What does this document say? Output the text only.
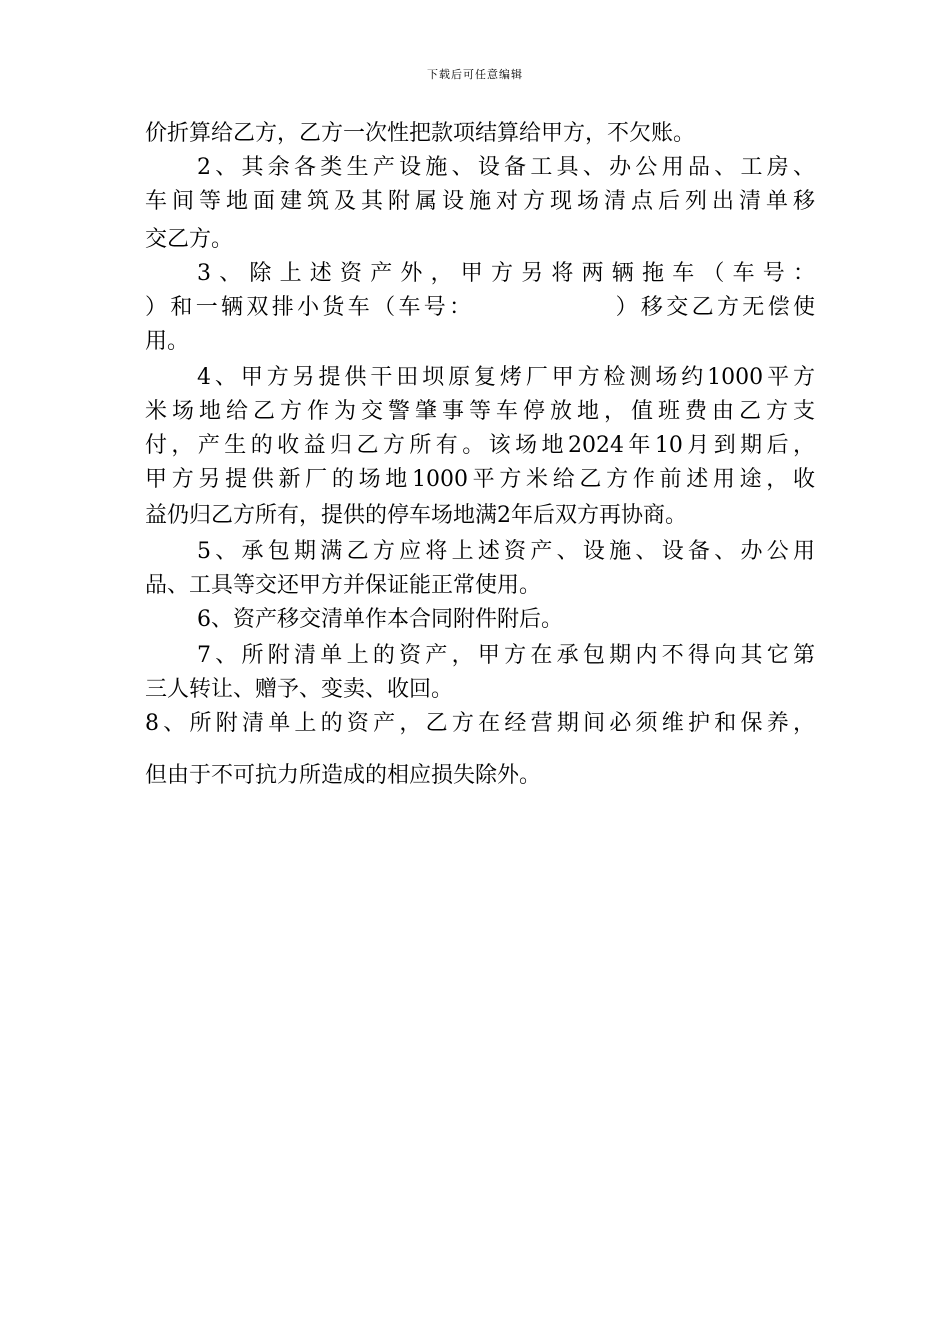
下载后可任意编辑
价折算给乙方，乙方一次性把款项结算给甲方，不欠账。
2、其余各类生产设施、设备工具、办公用品、工房、
车间等地面建筑及其附属设施对方现场清点后列出清单移
交乙方。
3、除上述资产外，甲方另将两辆拖车（车号：
）和一辆双排小货车（车号：　　　　　　）移交乙方无偿使
用。
4、甲方另提供干田坝原复烤厂甲方检测场约1000平方
米场地给乙方作为交警肇事等车停放地，值班费由乙方支
付，产生的收益归乙方所有。该场地2024年10月到期后，
甲方另提供新厂的场地1000平方米给乙方作前述用途，收
益仍归乙方所有，提供的停车场地满2年后双方再协商。
5、承包期满乙方应将上述资产、设施、设备、办公用
品、工具等交还甲方并保证能正常使用。
6、资产移交清单作本合同附件附后。
7、所附清单上的资产，甲方在承包期内不得向其它第
三人转让、赠予、变卖、收回。
8、所附清单上的资产，乙方在经营期间必须维护和保养，
但由于不可抗力所造成的相应损失除外。
